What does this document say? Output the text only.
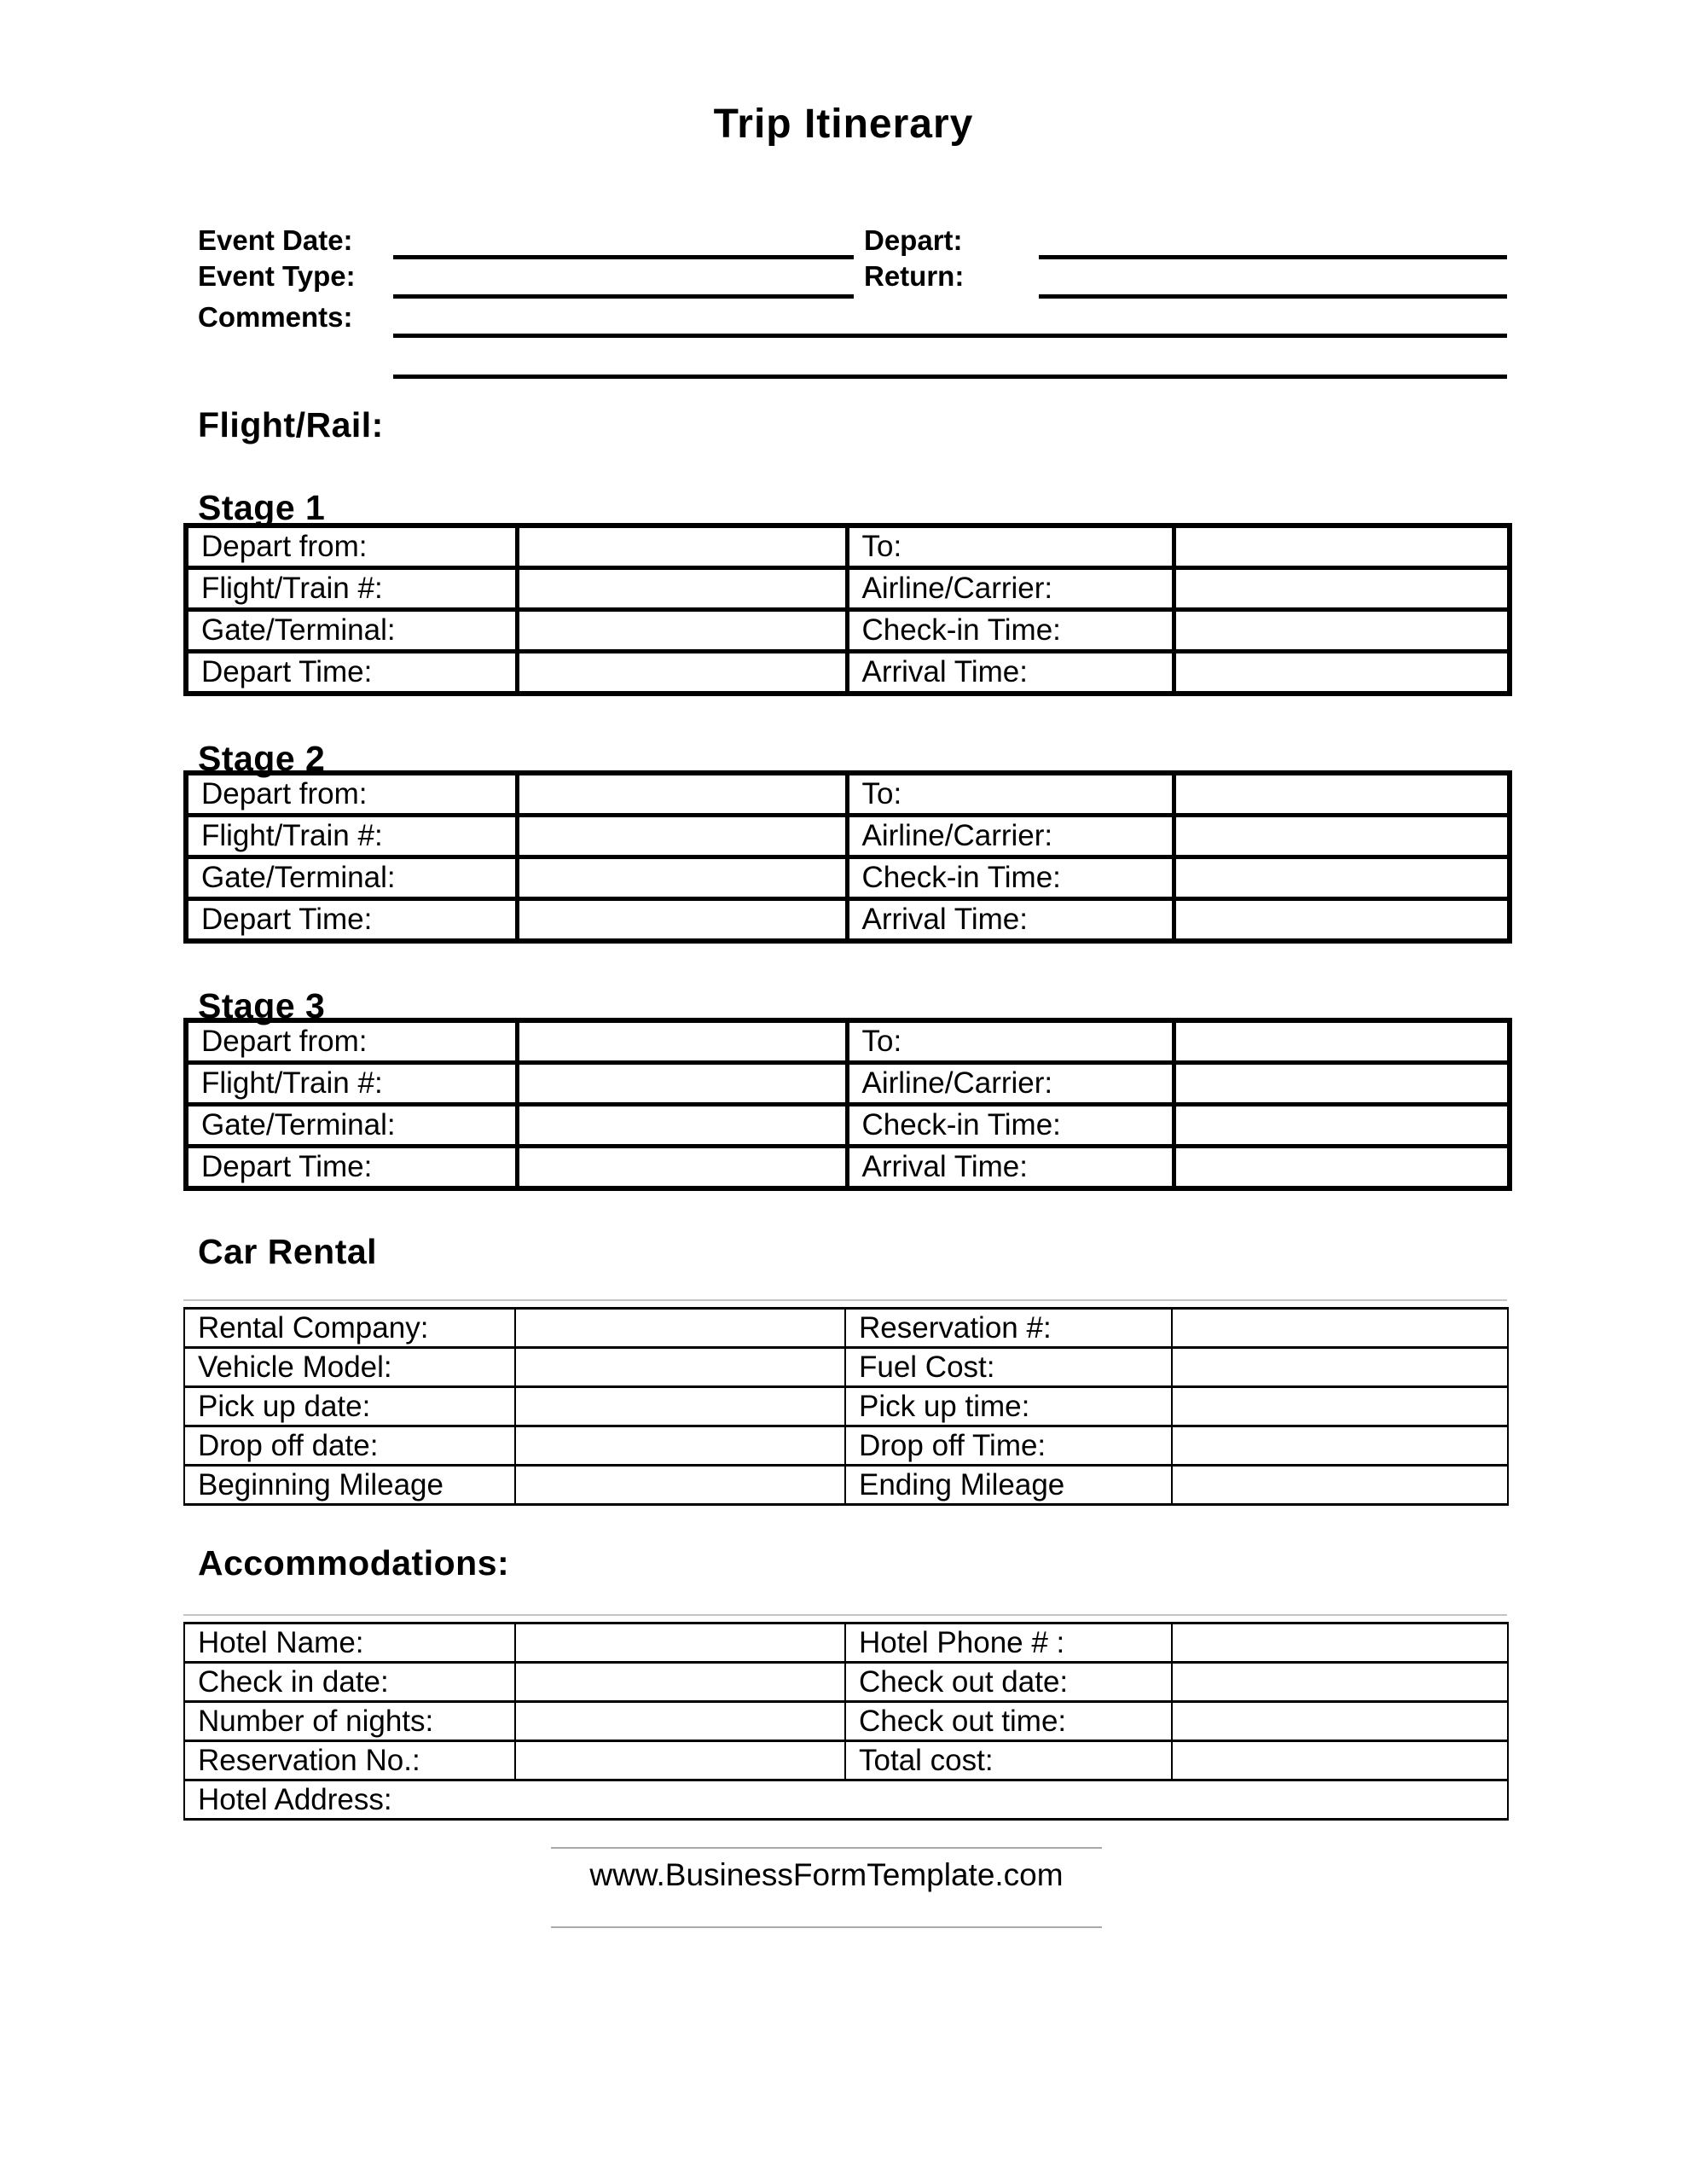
Trip Itinerary
Event Date:
Event Type:
Comments:
Depart:
Return:
Flight/Rail:
Stage 1
Depart from:		To:	
Flight/Train #:		Airline/Carrier:	
Gate/Terminal:		Check-in Time:	
Depart Time:		Arrival Time:	
Stage 2
Depart from:		To:	
Flight/Train #:		Airline/Carrier:	
Gate/Terminal:		Check-in Time:	
Depart Time:		Arrival Time:	
Stage 3
Depart from:		To:	
Flight/Train #:		Airline/Carrier:	
Gate/Terminal:		Check-in Time:	
Depart Time:		Arrival Time:	
Car Rental
Rental Company:		Reservation #:	
Vehicle Model:		Fuel Cost:	
Pick up date:		Pick up time:	
Drop off date:		Drop off Time:	
Beginning Mileage		Ending Mileage	
Accommodations:
Hotel Name:		Hotel Phone # :	
Check in date:		Check out date:	
Number of nights:		Check out time:	
Reservation No.:		Total cost:	
Hotel Address:			
www.BusinessFormTemplate.com
